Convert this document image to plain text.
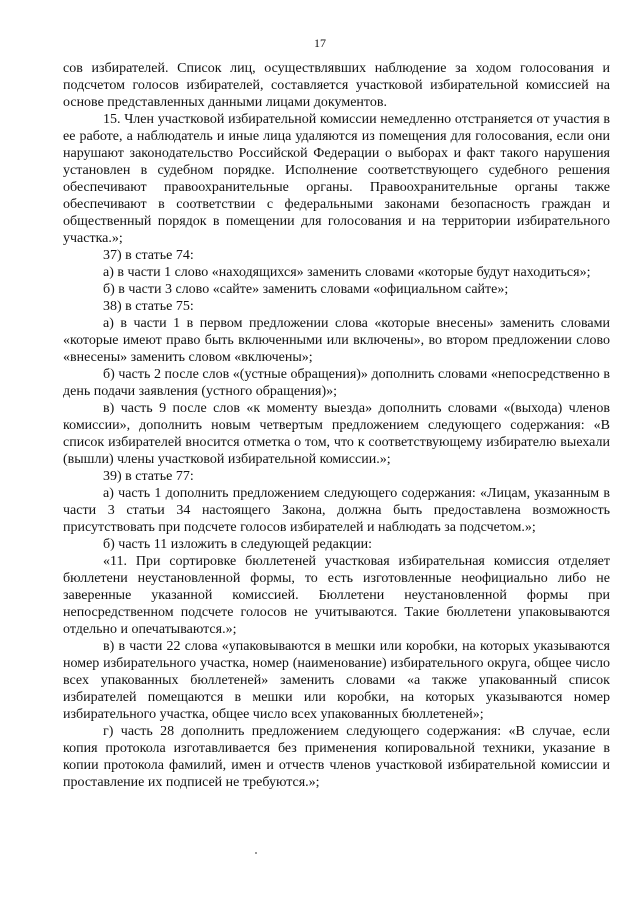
17

сов избирателей. Список лиц, осуществлявших наблюдение за ходом голосования и подсчетом голосов избирателей, составляется участковой избирательной комиссией на основе представленных данными лицами документов.

15. Член участковой избирательной комиссии немедленно отстраняется от участия в ее работе, а наблюдатель и иные лица удаляются из помещения для голосования, если они нарушают законодательство Российской Федерации о выборах и факт такого нарушения установлен в судебном порядке. Исполнение соответствующего судебного решения обеспечивают правоохранительные органы. Правоохранительные органы также обеспечивают в соответствии с федеральными законами безопасность граждан и общественный порядок в помещении для голосования и на территории избирательного участка.»;

37) в статье 74:

а) в части 1 слово «находящихся» заменить словами «которые будут находиться»;

б) в части 3 слово «сайте» заменить словами «официальном сайте»;

38) в статье 75:

а) в части 1 в первом предложении слова «которые внесены» заменить словами «которые имеют право быть включенными или включены», во втором предложении слово «внесены» заменить словом «включены»;

б) часть 2 после слов «(устные обращения)» дополнить словами «непосредственно в день подачи заявления (устного обращения)»;

в) часть 9 после слов «к моменту выезда» дополнить словами «(выхода) членов комиссии», дополнить новым четвертым предложением следующего содержания: «В список избирателей вносится отметка о том, что к соответствующему избирателю выехали (вышли) члены участковой избирательной комиссии.»;

39) в статье 77:

а) часть 1 дополнить предложением следующего содержания: «Лицам, указанным в части 3 статьи 34 настоящего Закона, должна быть предоставлена возможность присутствовать при подсчете голосов избирателей и наблюдать за подсчетом.»;

б) часть 11 изложить в следующей редакции:

«11. При сортировке бюллетеней участковая избирательная комиссия отделяет бюллетени неустановленной формы, то есть изготовленные неофициально либо не заверенные указанной комиссией. Бюллетени неустановленной формы при непосредственном подсчете голосов не учитываются. Такие бюллетени упаковываются отдельно и опечатываются.»;

в) в части 22 слова «упаковываются в мешки или коробки, на которых указываются номер избирательного участка, номер (наименование) избирательного округа, общее число всех упакованных бюллетеней» заменить словами «а также упакованный список избирателей помещаются в мешки или коробки, на которых указываются номер избирательного участка, общее число всех упакованных бюллетеней»;

г) часть 28 дополнить предложением следующего содержания: «В случае, если копия протокола изготавливается без применения копировальной техники, указание в копии протокола фамилий, имен и отчеств членов участковой избирательной комиссии и проставление их подписей не требуются.»;
